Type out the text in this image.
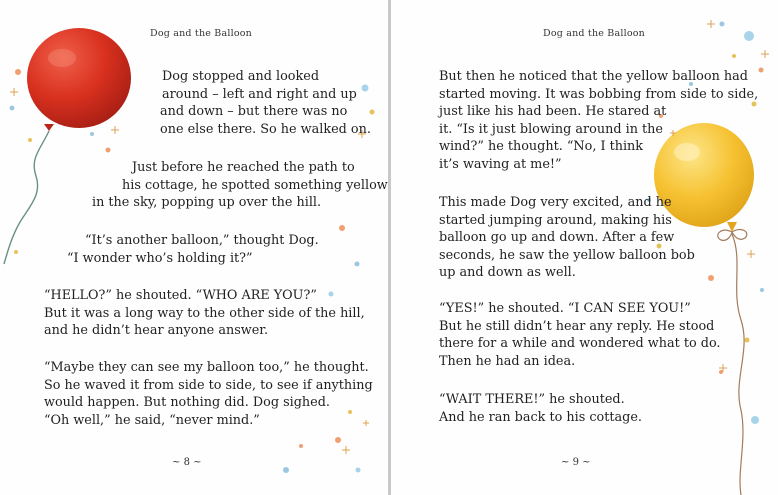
Dog and the Balloon

Dog stopped and looked
around – left and right and up
and down – but there was no
one else there. So he walked on.

Just before he reached the path to
his cottage, he spotted something yellow
in the sky, popping up over the hill.

“It’s another balloon,” thought Dog.
“I wonder who’s holding it?”

“HELLO?” he shouted. “WHO ARE YOU?”
But it was a long way to the other side of the hill,
and he didn’t hear anyone answer.

“Maybe they can see my balloon too,” he thought.
So he waved it from side to side, to see if anything
would happen. But nothing did. Dog sighed.
“Oh well,” he said, “never mind.”

~ 8 ~
Dog and the Balloon

But then he noticed that the yellow balloon had
started moving. It was bobbing from side to side,
just like his had been. He stared at
it. “Is it just blowing around in the
wind?” he thought. “No, I think
it’s waving at me!”

This made Dog very excited, and he
started jumping around, making his
balloon go up and down. After a few
seconds, he saw the yellow balloon bob
up and down as well.

“YES!” he shouted. “I CAN SEE YOU!”
But he still didn’t hear any reply. He stood
there for a while and wondered what to do.
Then he had an idea.

“WAIT THERE!” he shouted.
And he ran back to his cottage.

~ 9 ~
